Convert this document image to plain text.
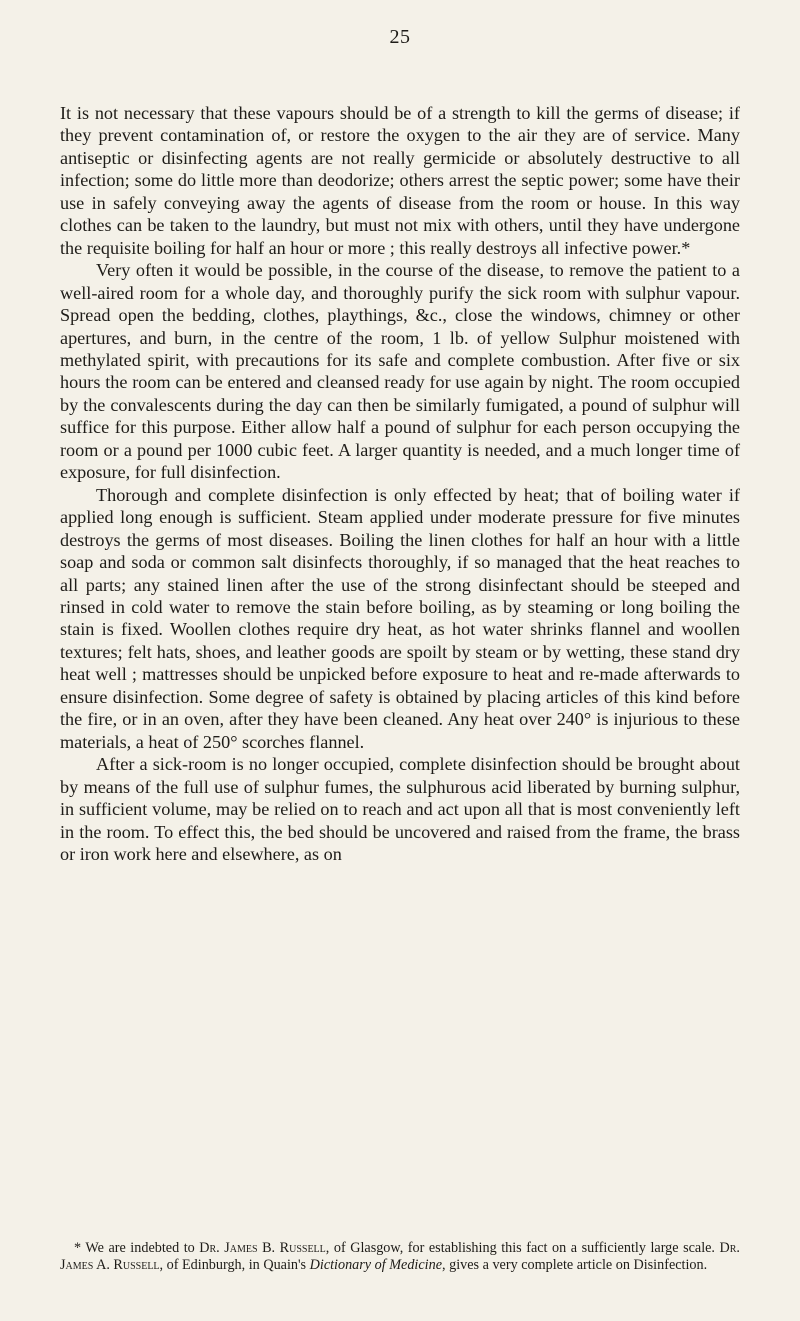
25

It is not necessary that these vapours should be of a strength to kill the germs of disease; if they prevent contamination of, or restore the oxygen to the air they are of service. Many antiseptic or disinfecting agents are not really germicide or absolutely destructive to all infection; some do little more than deodorize; others arrest the septic power; some have their use in safely conveying away the agents of disease from the room or house. In this way clothes can be taken to the laundry, but must not mix with others, until they have undergone the requisite boiling for half an hour or more ; this really destroys all infective power.*

Very often it would be possible, in the course of the disease, to remove the patient to a well-aired room for a whole day, and thoroughly purify the sick room with sulphur vapour. Spread open the bedding, clothes, playthings, &c., close the windows, chimney or other apertures, and burn, in the centre of the room, 1 lb. of yellow Sulphur moistened with methylated spirit, with precautions for its safe and complete combustion. After five or six hours the room can be entered and cleansed ready for use again by night. The room occupied by the convalescents during the day can then be similarly fumigated, a pound of sulphur will suffice for this purpose. Either allow half a pound of sulphur for each person occupying the room or a pound per 1000 cubic feet. A larger quantity is needed, and a much longer time of exposure, for full disinfection.

Thorough and complete disinfection is only effected by heat; that of boiling water if applied long enough is sufficient. Steam applied under moderate pressure for five minutes destroys the germs of most diseases. Boiling the linen clothes for half an hour with a little soap and soda or common salt disinfects thoroughly, if so managed that the heat reaches to all parts; any stained linen after the use of the strong disinfectant should be steeped and rinsed in cold water to remove the stain before boiling, as by steaming or long boiling the stain is fixed. Woollen clothes require dry heat, as hot water shrinks flannel and woollen textures; felt hats, shoes, and leather goods are spoilt by steam or by wetting, these stand dry heat well ; mattresses should be unpicked before exposure to heat and re-made afterwards to ensure disinfection. Some degree of safety is obtained by placing articles of this kind before the fire, or in an oven, after they have been cleaned. Any heat over 240° is injurious to these materials, a heat of 250° scorches flannel.

After a sick-room is no longer occupied, complete disinfection should be brought about by means of the full use of sulphur fumes, the sulphurous acid liberated by burning sulphur, in sufficient volume, may be relied on to reach and act upon all that is most conveniently left in the room. To effect this, the bed should be uncovered and raised from the frame, the brass or iron work here and elsewhere, as on

* We are indebted to Dr. James B. Russell, of Glasgow, for establishing this fact on a sufficiently large scale. Dr. James A. Russell, of Edinburgh, in Quain's Dictionary of Medicine, gives a very complete article on Disinfection.
